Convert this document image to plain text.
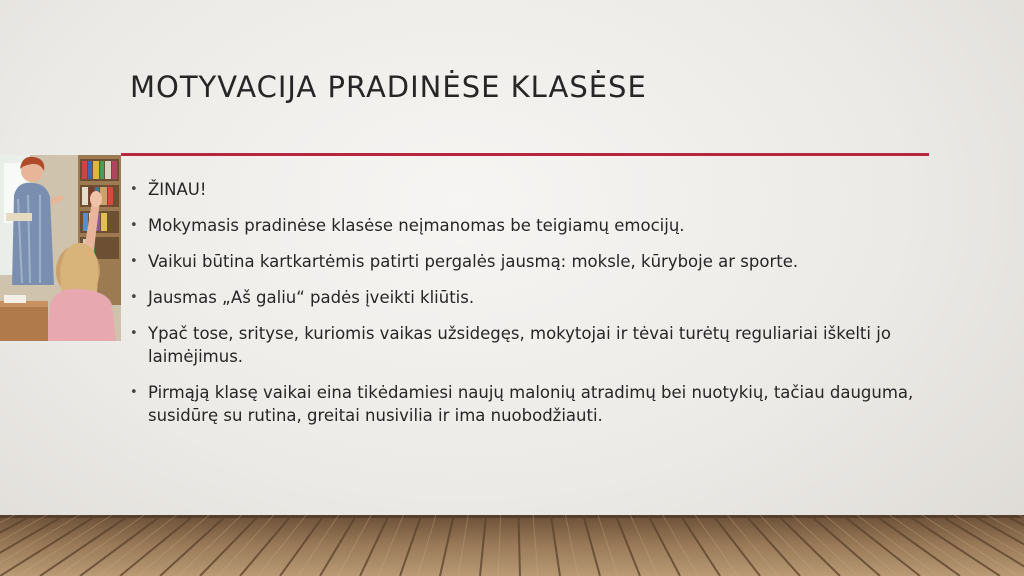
MOTYVACIJA PRADINĖSE KLASĖSE
• ŽINAU!
• Mokymasis pradinėse klasėse neįmanomas be teigiamų emocijų.
• Vaikui būtina kartkartėmis patirti pergalės jausmą: moksle, kūryboje ar sporte.
• Jausmas „Aš galiu“ padės įveikti kliūtis.
• Ypač tose, srityse, kuriomis vaikas užsidegęs, mokytojai ir tėvai turėtų reguliariai iškelti jo laimėjimus.
• Pirmąją klasę vaikai eina tikėdamiesi naujų malonių atradimų bei nuotykių, tačiau dauguma, susidūrę su rutina, greitai nusivilia ir ima nuobodžiauti.
